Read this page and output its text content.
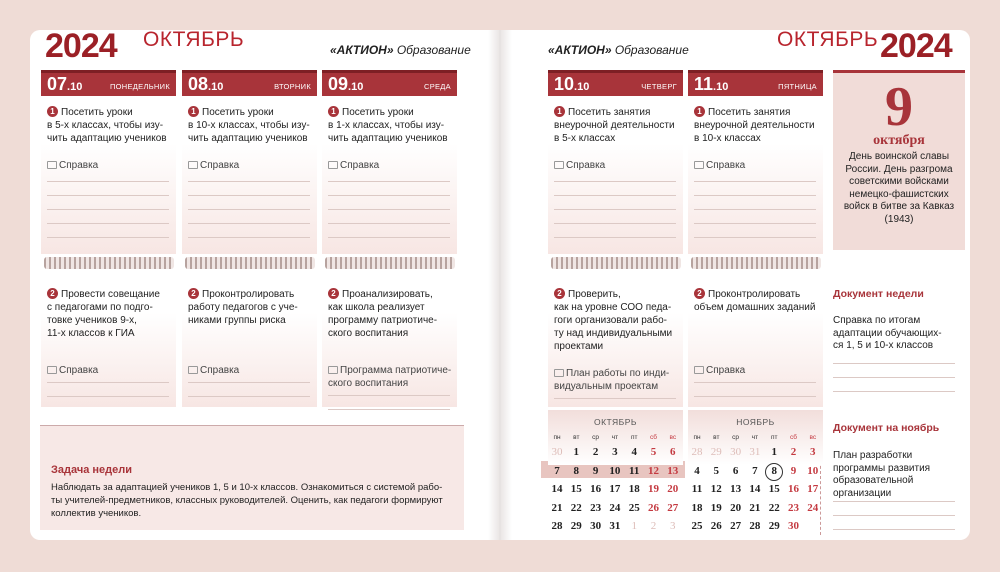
2024 ОКТЯБРЬ	«АКТИОН» Образование	«АКТИОН» Образование	ОКТЯБРЬ 2024
07.10	ПОНЕДЕЛЬНИК
1 Посетить уроки
в 5-х классах, чтобы изу-
чить адаптацию учеников
Справка
2 Провести совещание
с педагогами по подго-
товке учеников 9-х,
11-х классов к ГИА
Справка
08.10	ВТОРНИК
1 Посетить уроки
в 10-х классах, чтобы изу-
чить адаптацию учеников
Справка
2 Проконтролировать
работу педагогов с уче-
никами группы риска
Справка
09.10	СРЕДА
1 Посетить уроки
в 1-х классах, чтобы изу-
чить адаптацию учеников
Справка
2 Проанализировать,
как школа реализует
программу патриотиче-
ского воспитания
Программа патриотиче-
ского воспитания
10.10	ЧЕТВЕРГ
1 Посетить занятия
внеурочной деятельности
в 5-х классах
Справка
2 Проверить,
как на уровне СОО педа-
гоги организовали рабо-
ту над индивидуальными
проектами
План работы по инди-
видуальным проектам
11.10	ПЯТНИЦА
1 Посетить занятия
внеурочной деятельности
в 10-х классах
Справка
2 Проконтролировать
объем домашних заданий
Справка
Задача недели
Наблюдать за адаптацией учеников 1, 5 и 10-х классов. Ознакомиться с системой рабо-
ты учителей-предметников, классных руководителей. Оценить, как педагоги формируют
коллектив учеников.
9
октября
День воинской славы
России. День разгрома
советскими войсками
немецко-фашистских
войск в битве за Кавказ
(1943)
Документ недели
Справка по итогам
адаптации обучающих-
ся 1, 5 и 10-х классов
Документ на ноябрь
План разработки
программы развития
образовательной
организации
ОКТЯБРЬ
пн	вт	ср	чт	пт	сб	вс
30	1	2	3	4	5	6
7	8	9	10 11 12 13
14 15 16 17 18 19 20
21 22 23 24 25 26 27
28 29 30 31	1	2	3
НОЯБРЬ
пн	вт	ср	чт	пт	сб	вс
28 29 30 31	1	2	3
4	5	6	7	8	9	10
11 12 13 14 15 16 17
18 19 20 21 22 23 24
25 26 27 28 29 30
